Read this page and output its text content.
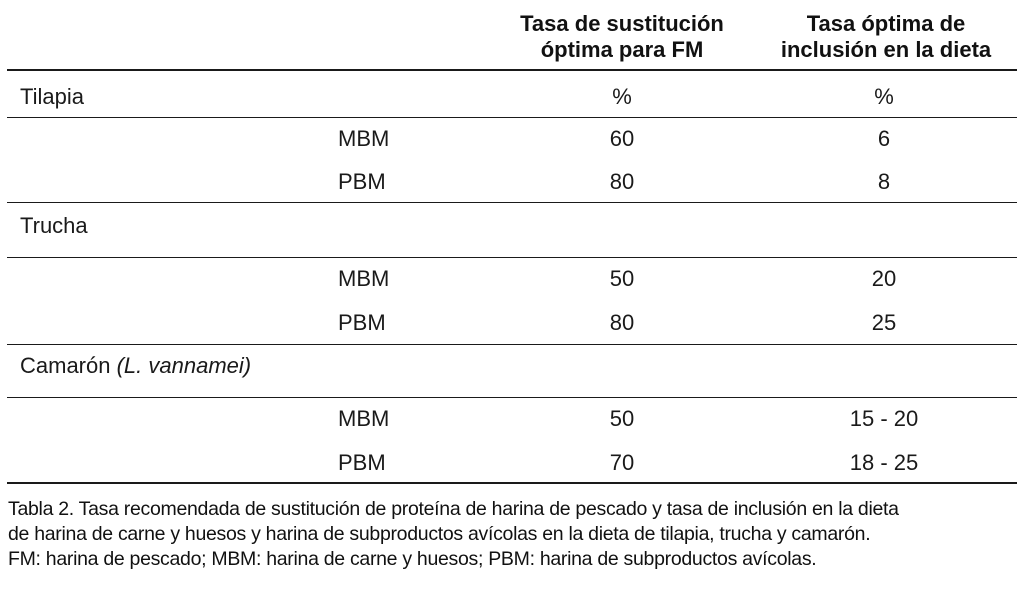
Tasa de sustitución
óptima para FM
Tasa óptima de
inclusión en la dieta
Tilapia	%	%
MBM	60	6
PBM	80	8
Trucha
MBM	50	20
PBM	80	25
Camarón (L. vannamei)
MBM	50	15 - 20
PBM	70	18 - 25
Tabla 2. Tasa recomendada de sustitución de proteína de harina de pescado y tasa de inclusión en la dieta
de harina de carne y huesos y harina de subproductos avícolas en la dieta de tilapia, trucha y camarón.
FM: harina de pescado; MBM: harina de carne y huesos; PBM: harina de subproductos avícolas.
